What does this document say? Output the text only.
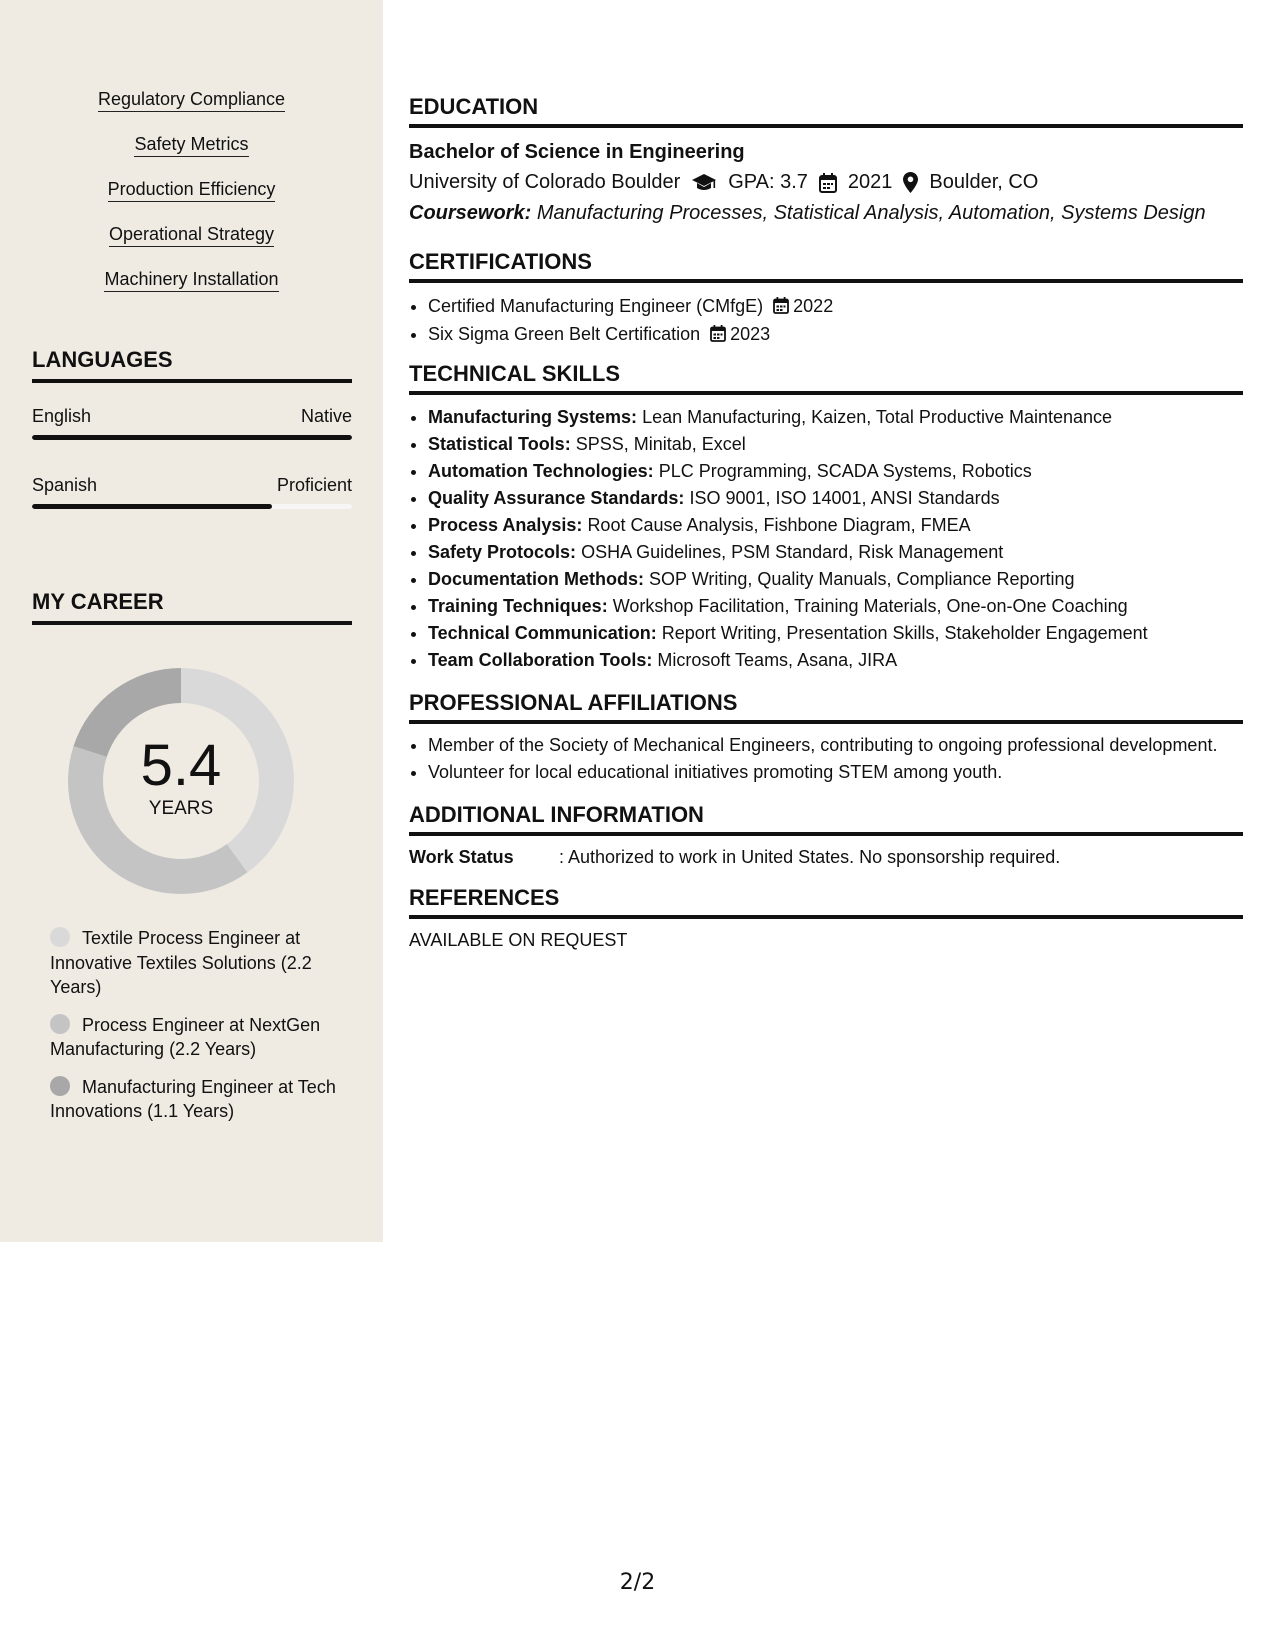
Regulatory Compliance
Safety Metrics
Production Efficiency
Operational Strategy
Machinery Installation
LANGUAGES
English	Native
Spanish	Proficient
MY CAREER
5.4
YEARS
Textile Process Engineer at Innovative Textiles Solutions (2.2 Years)
Process Engineer at NextGen Manufacturing (2.2 Years)
Manufacturing Engineer at Tech Innovations (1.1 Years)
EDUCATION
Bachelor of Science in Engineering
University of Colorado Boulder GPA: 3.7 2021 Boulder, CO
Coursework: Manufacturing Processes, Statistical Analysis, Automation, Systems Design
CERTIFICATIONS
• Certified Manufacturing Engineer (CMfgE) 2022
• Six Sigma Green Belt Certification 2023
TECHNICAL SKILLS
• Manufacturing Systems: Lean Manufacturing, Kaizen, Total Productive Maintenance
• Statistical Tools: SPSS, Minitab, Excel
• Automation Technologies: PLC Programming, SCADA Systems, Robotics
• Quality Assurance Standards: ISO 9001, ISO 14001, ANSI Standards
• Process Analysis: Root Cause Analysis, Fishbone Diagram, FMEA
• Safety Protocols: OSHA Guidelines, PSM Standard, Risk Management
• Documentation Methods: SOP Writing, Quality Manuals, Compliance Reporting
• Training Techniques: Workshop Facilitation, Training Materials, One-on-One Coaching
• Technical Communication: Report Writing, Presentation Skills, Stakeholder Engagement
• Team Collaboration Tools: Microsoft Teams, Asana, JIRA
PROFESSIONAL AFFILIATIONS
• Member of the Society of Mechanical Engineers, contributing to ongoing professional development.
• Volunteer for local educational initiatives promoting STEM among youth.
ADDITIONAL INFORMATION
Work Status	: Authorized to work in United States. No sponsorship required.
REFERENCES
AVAILABLE ON REQUEST
2/2
